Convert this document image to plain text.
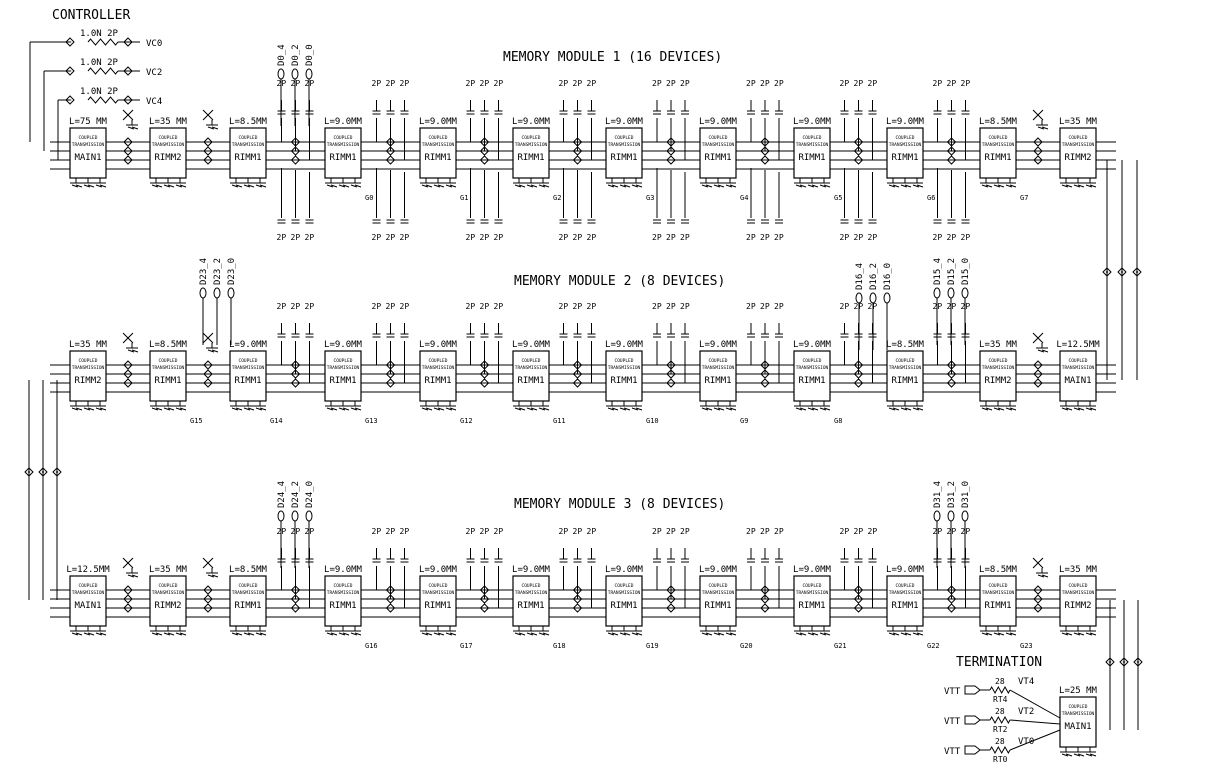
CONTROLLER
MEMORY MODULE 1 (16 DEVICES)
MEMORY MODULE 2 (8 DEVICES)
MEMORY MODULE 3 (8 DEVICES)
TERMINATION
COUPLED
TRANSMISSION
MAIN1
L=75 MM
COUPLED
TRANSMISSION
RIMM2
L=35 MM
COUPLED
TRANSMISSION
RIMM1
L=8.5MM
2P
2P
2P
2P
2P
2P
COUPLED
TRANSMISSION
RIMM1
L=9.0MM
G0
2P
2P
2P
2P
2P
2P
COUPLED
TRANSMISSION
RIMM1
L=9.0MM
G1
2P
2P
2P
2P
2P
2P
COUPLED
TRANSMISSION
RIMM1
L=9.0MM
G2
2P
2P
2P
2P
2P
2P
COUPLED
TRANSMISSION
RIMM1
L=9.0MM
G3
2P
2P
2P
2P
2P
2P
COUPLED
TRANSMISSION
RIMM1
L=9.0MM
G4
2P
2P
2P
2P
2P
2P
COUPLED
TRANSMISSION
RIMM1
L=9.0MM
G5
2P
2P
2P
2P
2P
2P
COUPLED
TRANSMISSION
RIMM1
L=9.0MM
G6
2P
2P
2P
2P
2P
2P
COUPLED
TRANSMISSION
RIMM1
L=8.5MM
G7
COUPLED
TRANSMISSION
RIMM2
L=35 MM
COUPLED
TRANSMISSION
RIMM2
L=35 MM
COUPLED
TRANSMISSION
RIMM1
L=8.5MM
G15
COUPLED
TRANSMISSION
RIMM1
L=9.0MM
G14
2P 2P 2P
COUPLED
TRANSMISSION
RIMM1
L=9.0MM
G13
2P 2P 2P
COUPLED
TRANSMISSION
RIMM1
L=9.0MM
G12
2P 2P 2P
COUPLED
TRANSMISSION
RIMM1
L=9.0MM
G11
2P 2P 2P
COUPLED
TRANSMISSION
RIMM1
L=9.0MM
G10
2P 2P 2P
COUPLED
TRANSMISSION
RIMM1
L=9.0MM
G9
2P 2P 2P
COUPLED
TRANSMISSION
RIMM1
L=9.0MM
G8
2P 2P 2P
COUPLED
TRANSMISSION
RIMM1
L=8.5MM
2P 2P 2P
COUPLED
TRANSMISSION
RIMM2
L=35 MM
COUPLED
TRANSMISSION
MAIN1
L=12.5MM
COUPLED
TRANSMISSION
MAIN1
L=12.5MM
COUPLED
TRANSMISSION
RIMM2
L=35 MM
COUPLED
TRANSMISSION
RIMM1
L=8.5MM
2P 2P 2P
COUPLED
TRANSMISSION
RIMM1
L=9.0MM
G16
2P 2P 2P
COUPLED
TRANSMISSION
RIMM1
L=9.0MM
G17
2P 2P 2P
COUPLED
TRANSMISSION
RIMM1
L=9.0MM
G18
2P 2P 2P
COUPLED
TRANSMISSION
RIMM1
L=9.0MM
G19
2P 2P 2P
COUPLED
TRANSMISSION
RIMM1
L=9.0MM
G20
2P 2P 2P
COUPLED
TRANSMISSION
RIMM1
L=9.0MM
G21
2P 2P 2P
COUPLED
TRANSMISSION
RIMM1
L=9.0MM
G22
2P 2P 2P
COUPLED
TRANSMISSION
RIMM1
L=8.5MM
G23
COUPLED
TRANSMISSION
RIMM2
L=35 MM
D0_4 D0_2 D0_0
D15_4 D15_2 D15_0
D23_4 D23_2 D23_0	D16_4 D16_2 D16_0
D24_4 D24_2 D24_0	D31_4 D31_2 D31_0
1.0N 2P
VC0
1.0N 2P
VC2
1.0N 2P
VC4
COUPLED
TRANSMISSION
MAIN1
L=25 MM
VTT
28
RT4
VT4
VTT
28
RT2
VT2
VTT
28
RT0
VT0
